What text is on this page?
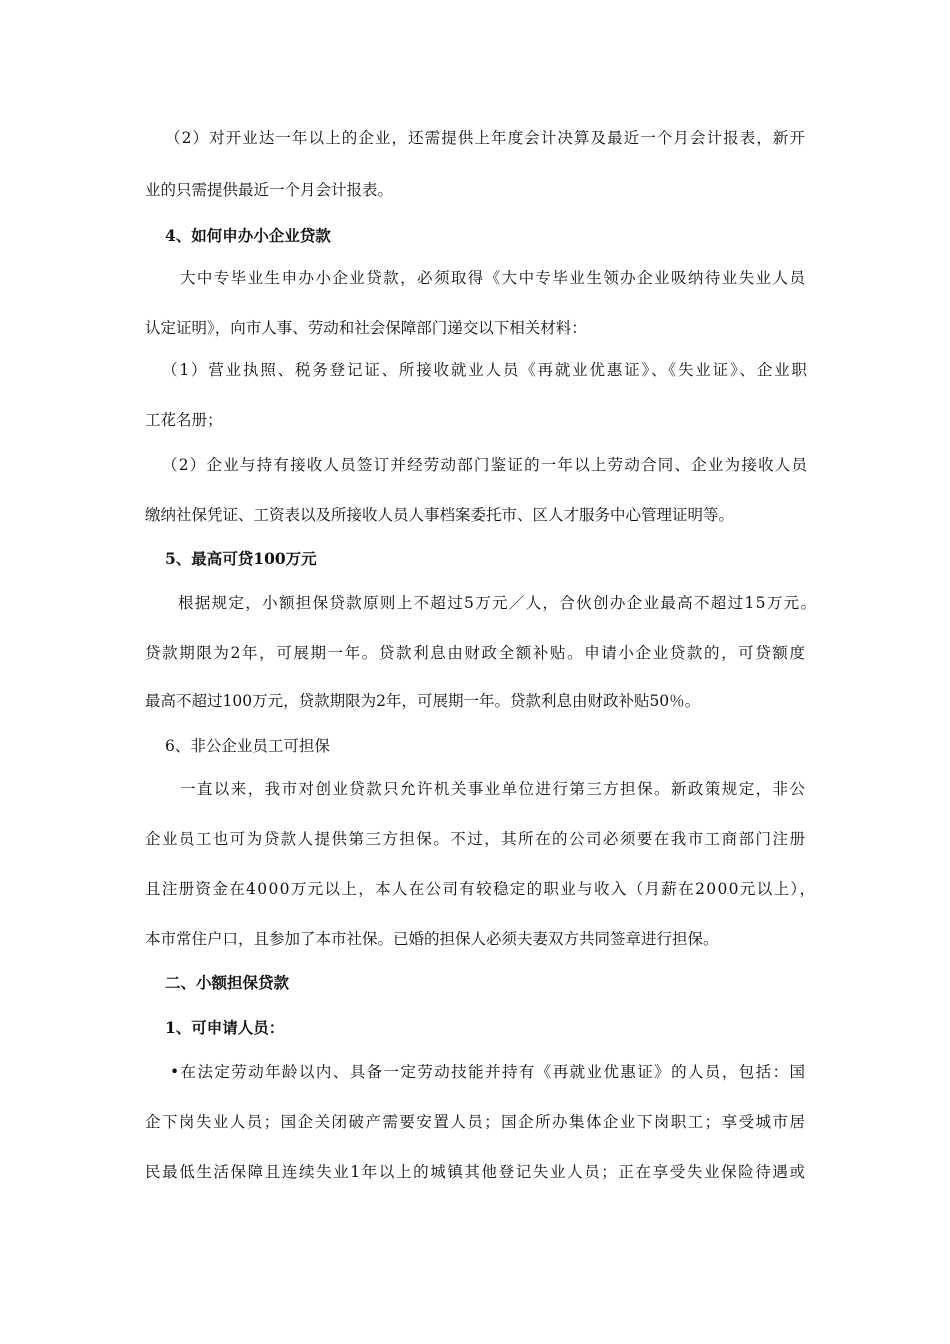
（2）对开业达一年以上的企业，还需提供上年度会计决算及最近一个月会计报表，新开
业的只需提供最近一个月会计报表。
4、如何申办小企业贷款
大中专毕业生申办小企业贷款，必须取得《大中专毕业生领办企业吸纳待业失业人员
认定证明》，向市人事、劳动和社会保障部门递交以下相关材料：
（1）营业执照、税务登记证、所接收就业人员《再就业优惠证》、《失业证》、企业职
工花名册；
（2）企业与持有接收人员签订并经劳动部门鉴证的一年以上劳动合同、企业为接收人员
缴纳社保凭证、工资表以及所接收人员人事档案委托市、区人才服务中心管理证明等。
5、最高可贷100万元
根据规定，小额担保贷款原则上不超过5万元／人，合伙创办企业最高不超过15万元。
贷款期限为2年，可展期一年。贷款利息由财政全额补贴。申请小企业贷款的，可贷额度
最高不超过100万元，贷款期限为2年，可展期一年。贷款利息由财政补贴50％。
6、非公企业员工可担保
一直以来，我市对创业贷款只允许机关事业单位进行第三方担保。新政策规定，非公
企业员工也可为贷款人提供第三方担保。不过，其所在的公司必须要在我市工商部门注册
且注册资金在4000万元以上，本人在公司有较稳定的职业与收入（月薪在2000元以上），
本市常住户口，且参加了本市社保。已婚的担保人必须夫妻双方共同签章进行担保。
二、小额担保贷款
1、可申请人员：
•在法定劳动年龄以内、具备一定劳动技能并持有《再就业优惠证》的人员，包括：国
企下岗失业人员；国企关闭破产需要安置人员；国企所办集体企业下岗职工；享受城市居
民最低生活保障且连续失业1年以上的城镇其他登记失业人员；正在享受失业保险待遇或
